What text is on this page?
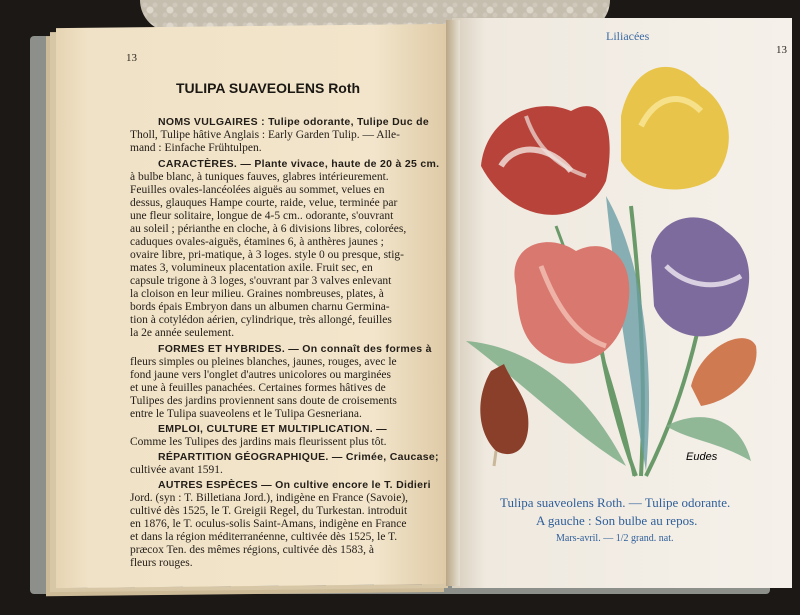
13
TULIPA SUAVEOLENS Roth
NOMS VULGAIRES : Tulipe odorante, Tulipe Duc de
Tholl, Tulipe hâtive Anglais : Early Garden Tulip. — Alle-
mand : Einfache Frühtulpen.
CARACTÈRES. — Plante vivace, haute de 20 à 25 cm.
à bulbe blanc, à tuniques fauves, glabres intérieurement.
Feuilles ovales-lancéolées aiguës au sommet, velues en
dessus, glauques Hampe courte, raide, velue, terminée par
une fleur solitaire, longue de 4-5 cm.. odorante, s'ouvrant
au soleil ; périanthe en cloche, à 6 divisions libres, colorées,
caduques ovales-aiguës, étamines 6, à anthères jaunes ;
ovaire libre, pri-matique, à 3 loges. style 0 ou presque, stig-
mates 3, volumineux placentation axile. Fruit sec, en
capsule trigone à 3 loges, s'ouvrant par 3 valves enlevant
la cloison en leur milieu. Graines nombreuses, plates, à
bords épais Embryon dans un albumen charnu Germina-
tion à cotylédon aérien, cylindrique, très allongé, feuilles
la 2e année seulement.
FORMES ET HYBRIDES. — On connaît des formes à
fleurs simples ou pleines blanches, jaunes, rouges, avec le
fond jaune vers l'onglet d'autres unicolores ou marginées
et une à feuilles panachées. Certaines formes hâtives de
Tulipes des jardins proviennent sans doute de croisements
entre le Tulipa suaveolens et le Tulipa Gesneriana.
EMPLOI, CULTURE ET MULTIPLICATION. —
Comme les Tulipes des jardins mais fleurissent plus tôt.
RÉPARTITION GÉOGRAPHIQUE. — Crimée, Caucase;
cultivée avant 1591.
AUTRES ESPÈCES — On cultive encore le T. Didieri
Jord. (syn : T. Billetiana Jord.), indigène en France (Savoie),
cultivé dès 1525, le T. Greigii Regel, du Turkestan. introduit
en 1876, le T. oculus-solis Saint-Amans, indigène en France
et dans la région méditerranéenne, cultivée dès 1525, le T.
præcox Ten. des mêmes régions, cultivée dès 1583, à
fleurs rouges.
Liliacées
13
Eudes
Tulipa suaveolens Roth. — Tulipe odorante.
A gauche : Son bulbe au repos.
Mars-avril. — 1/2 grand. nat.
